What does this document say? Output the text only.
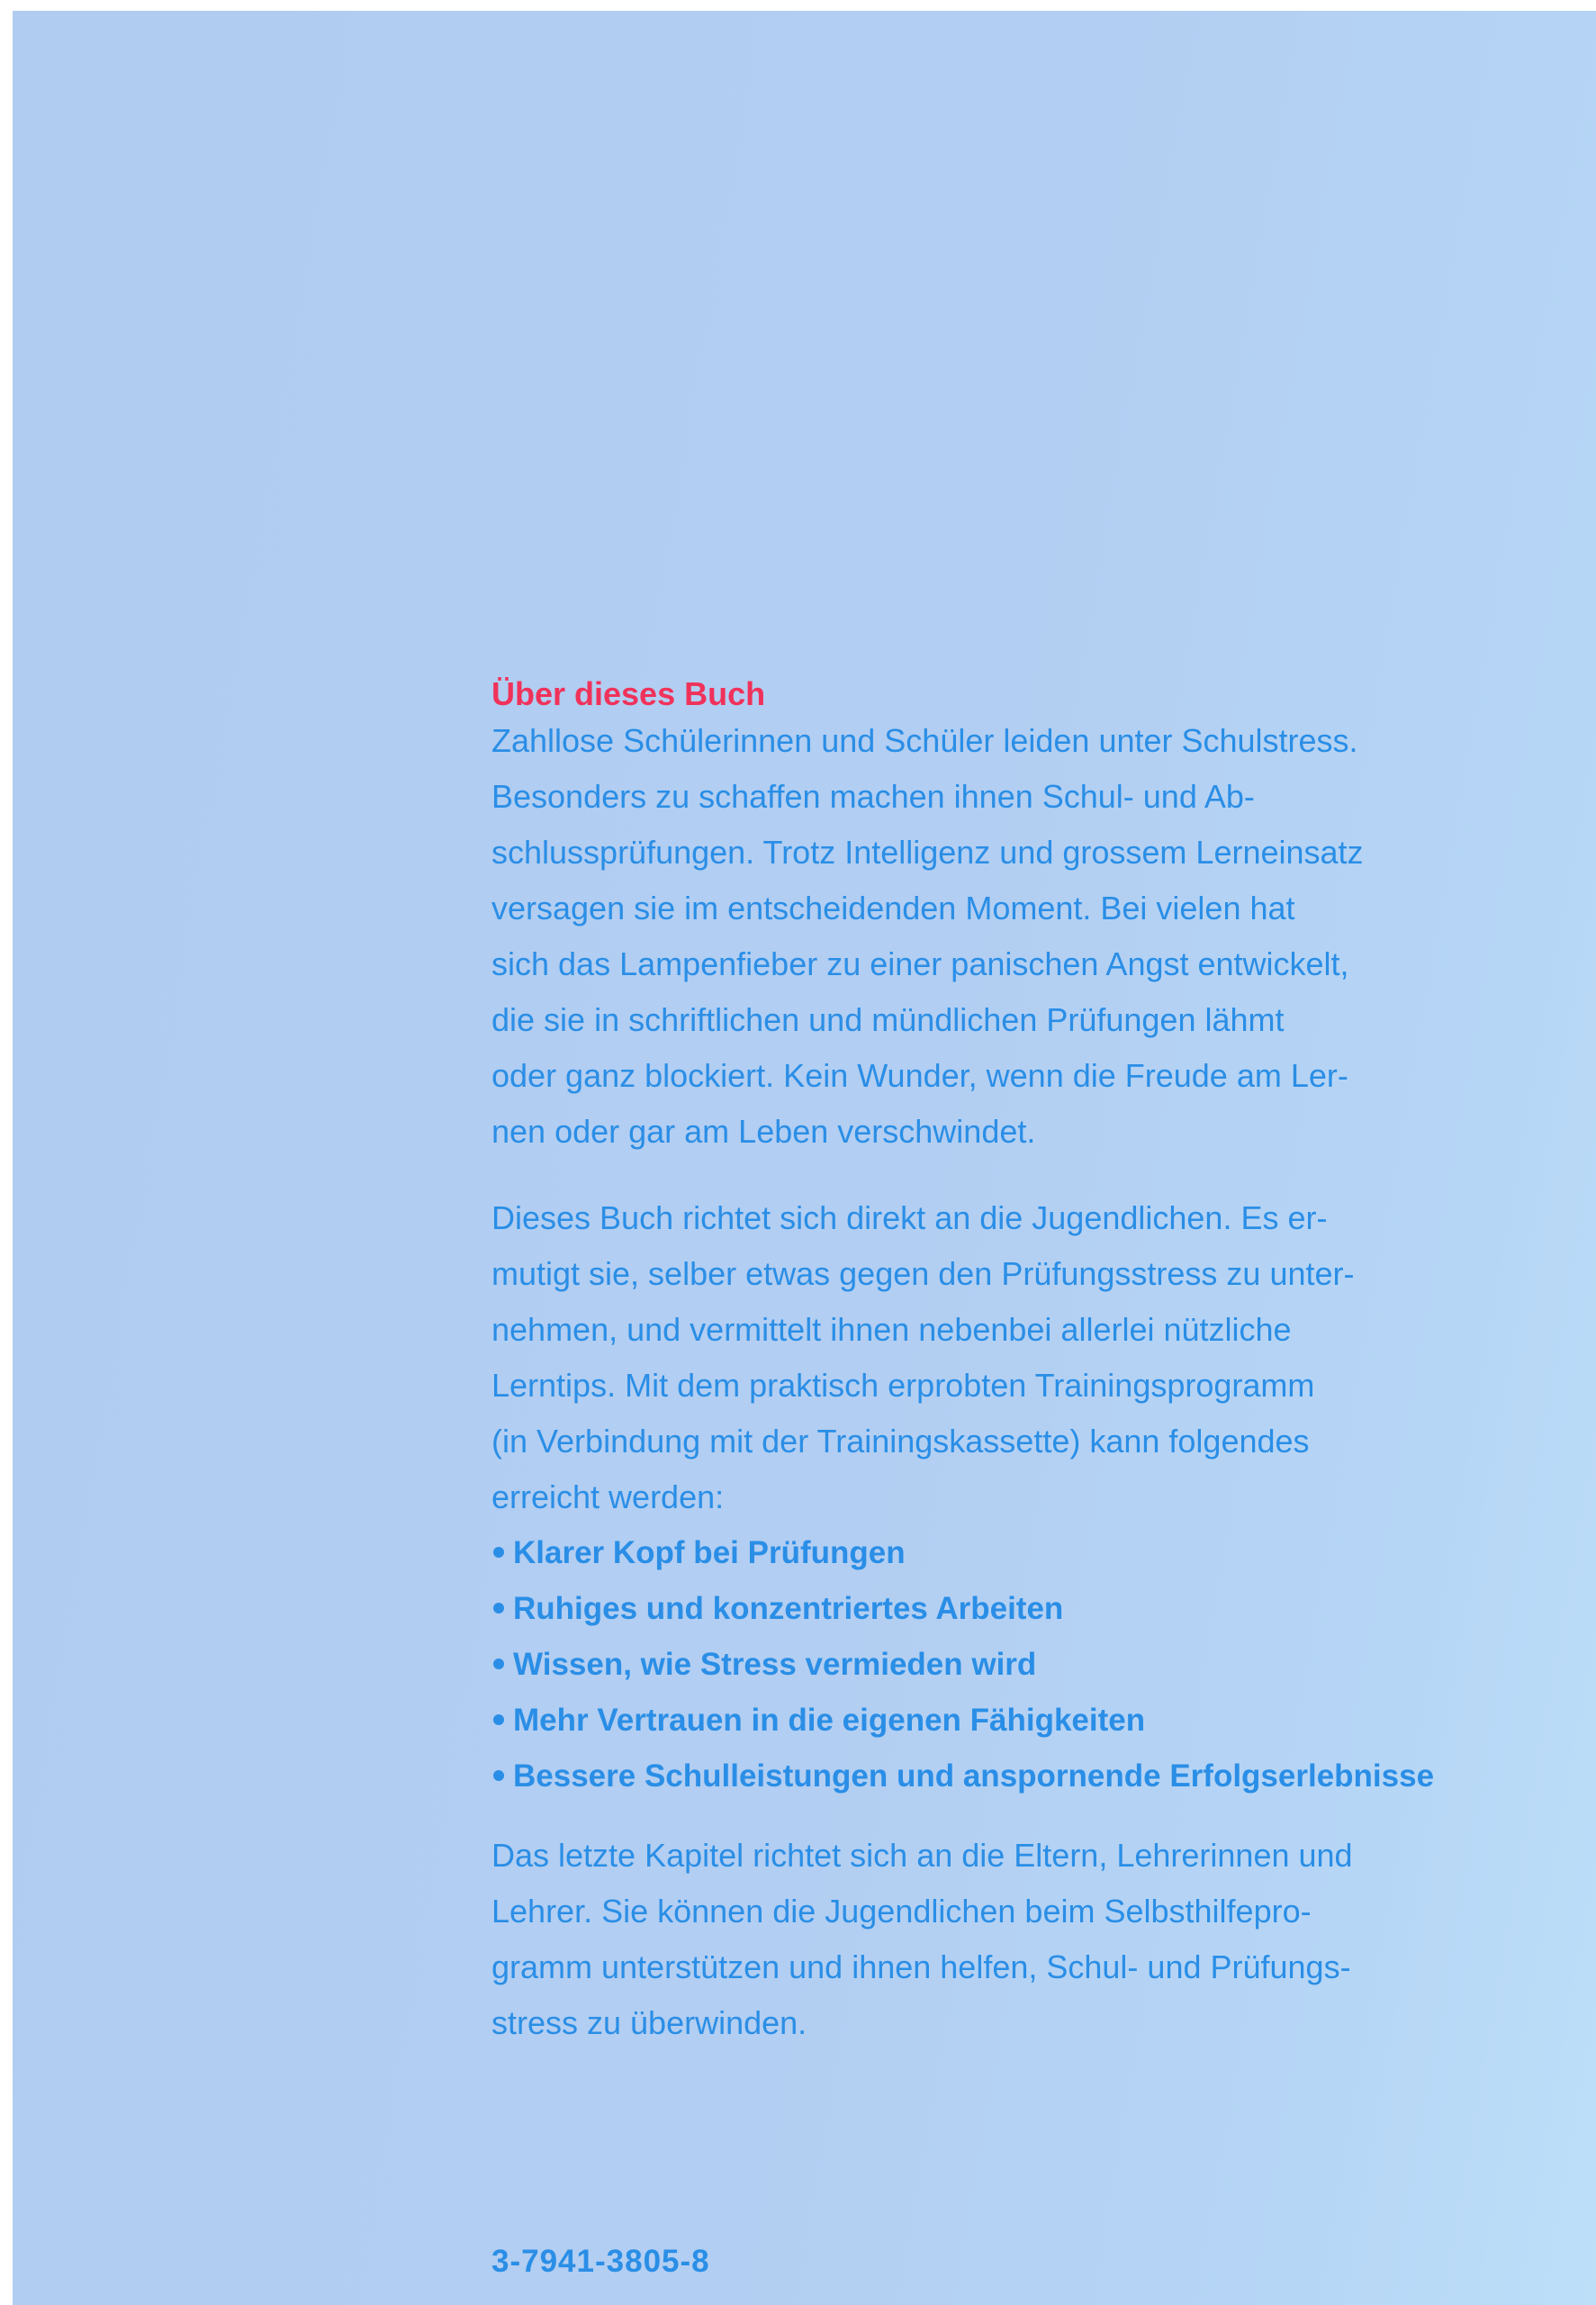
Über dieses Buch

Zahllose Schülerinnen und Schüler leiden unter Schulstress.
Besonders zu schaffen machen ihnen Schul- und Ab-
schlussprüfungen. Trotz Intelligenz und grossem Lerneinsatz
versagen sie im entscheidenden Moment. Bei vielen hat
sich das Lampenfieber zu einer panischen Angst entwickelt,
die sie in schriftlichen und mündlichen Prüfungen lähmt
oder ganz blockiert. Kein Wunder, wenn die Freude am Ler-
nen oder gar am Leben verschwindet.

Dieses Buch richtet sich direkt an die Jugendlichen. Es er-
mutigt sie, selber etwas gegen den Prüfungsstress zu unter-
nehmen, und vermittelt ihnen nebenbei allerlei nützliche
Lerntips. Mit dem praktisch erprobten Trainingsprogramm
(in Verbindung mit der Trainingskassette) kann folgendes
erreicht werden:

Klarer Kopf bei Prüfungen
Ruhiges und konzentriertes Arbeiten
Wissen, wie Stress vermieden wird
Mehr Vertrauen in die eigenen Fähigkeiten
Bessere Schulleistungen und anspornende Erfolgserlebnisse

Das letzte Kapitel richtet sich an die Eltern, Lehrerinnen und
Lehrer. Sie können die Jugendlichen beim Selbsthilfepro-
gramm unterstützen und ihnen helfen, Schul- und Prüfungs-
stress zu überwinden.

3-7941-3805-8
